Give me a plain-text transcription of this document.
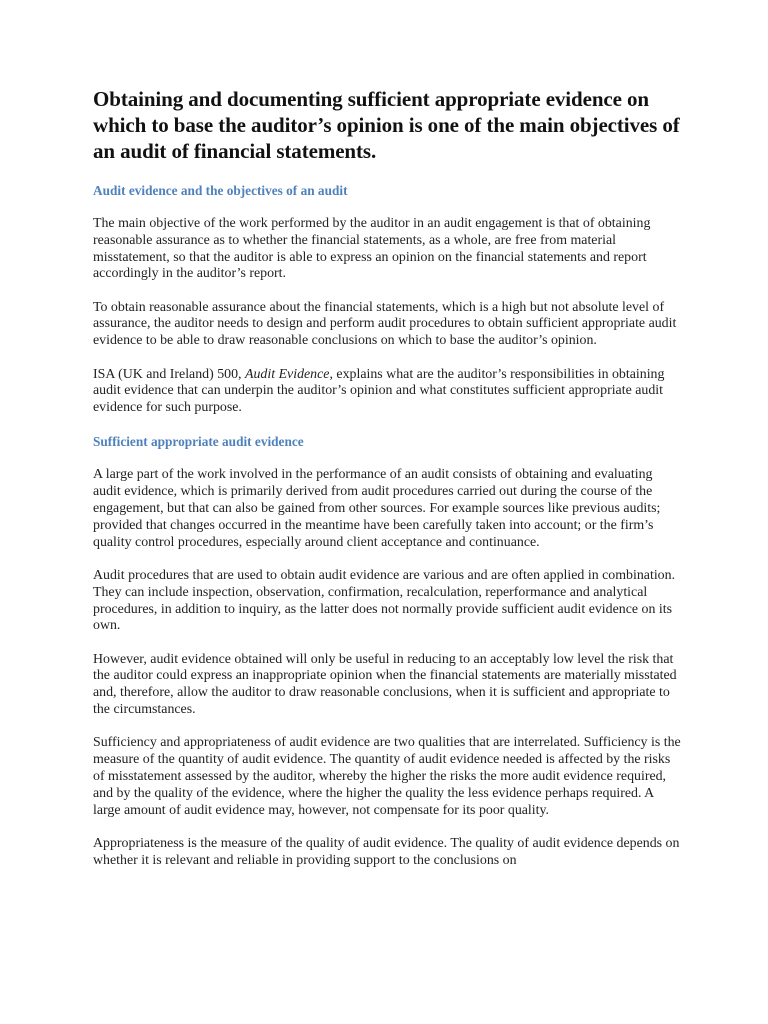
Obtaining and documenting sufficient appropriate evidence on which to base the auditor’s opinion is one of the main objectives of an audit of financial statements.
Audit evidence and the objectives of an audit

The main objective of the work performed by the auditor in an audit engagement is that of obtaining reasonable assurance as to whether the financial statements, as a whole, are free from material misstatement, so that the auditor is able to express an opinion on the financial statements and report accordingly in the auditor’s report.

To obtain reasonable assurance about the financial statements, which is a high but not absolute level of assurance, the auditor needs to design and perform audit procedures to obtain sufficient appropriate audit evidence to be able to draw reasonable conclusions on which to base the auditor’s opinion.

ISA (UK and Ireland) 500, Audit Evidence, explains what are the auditor’s responsibilities in obtaining audit evidence that can underpin the auditor’s opinion and what constitutes sufficient appropriate audit evidence for such purpose.

Sufficient appropriate audit evidence

A large part of the work involved in the performance of an audit consists of obtaining and evaluating audit evidence, which is primarily derived from audit procedures carried out during the course of the engagement, but that can also be gained from other sources. For example sources like previous audits; provided that changes occurred in the meantime have been carefully taken into account; or the firm’s quality control procedures, especially around client acceptance and continuance.

Audit procedures that are used to obtain audit evidence are various and are often applied in combination. They can include inspection, observation, confirmation, recalculation, reperformance and analytical procedures, in addition to inquiry, as the latter does not normally provide sufficient audit evidence on its own.

However, audit evidence obtained will only be useful in reducing to an acceptably low level the risk that the auditor could express an inappropriate opinion when the financial statements are materially misstated and, therefore, allow the auditor to draw reasonable conclusions, when it is sufficient and appropriate to the circumstances.

Sufficiency and appropriateness of audit evidence are two qualities that are interrelated. Sufficiency is the measure of the quantity of audit evidence. The quantity of audit evidence needed is affected by the risks of misstatement assessed by the auditor, whereby the higher the risks the more audit evidence required, and by the quality of the evidence, where the higher the quality the less evidence perhaps required. A large amount of audit evidence may, however, not compensate for its poor quality.

Appropriateness is the measure of the quality of audit evidence. The quality of audit evidence depends on whether it is relevant and reliable in providing support to the conclusions on
